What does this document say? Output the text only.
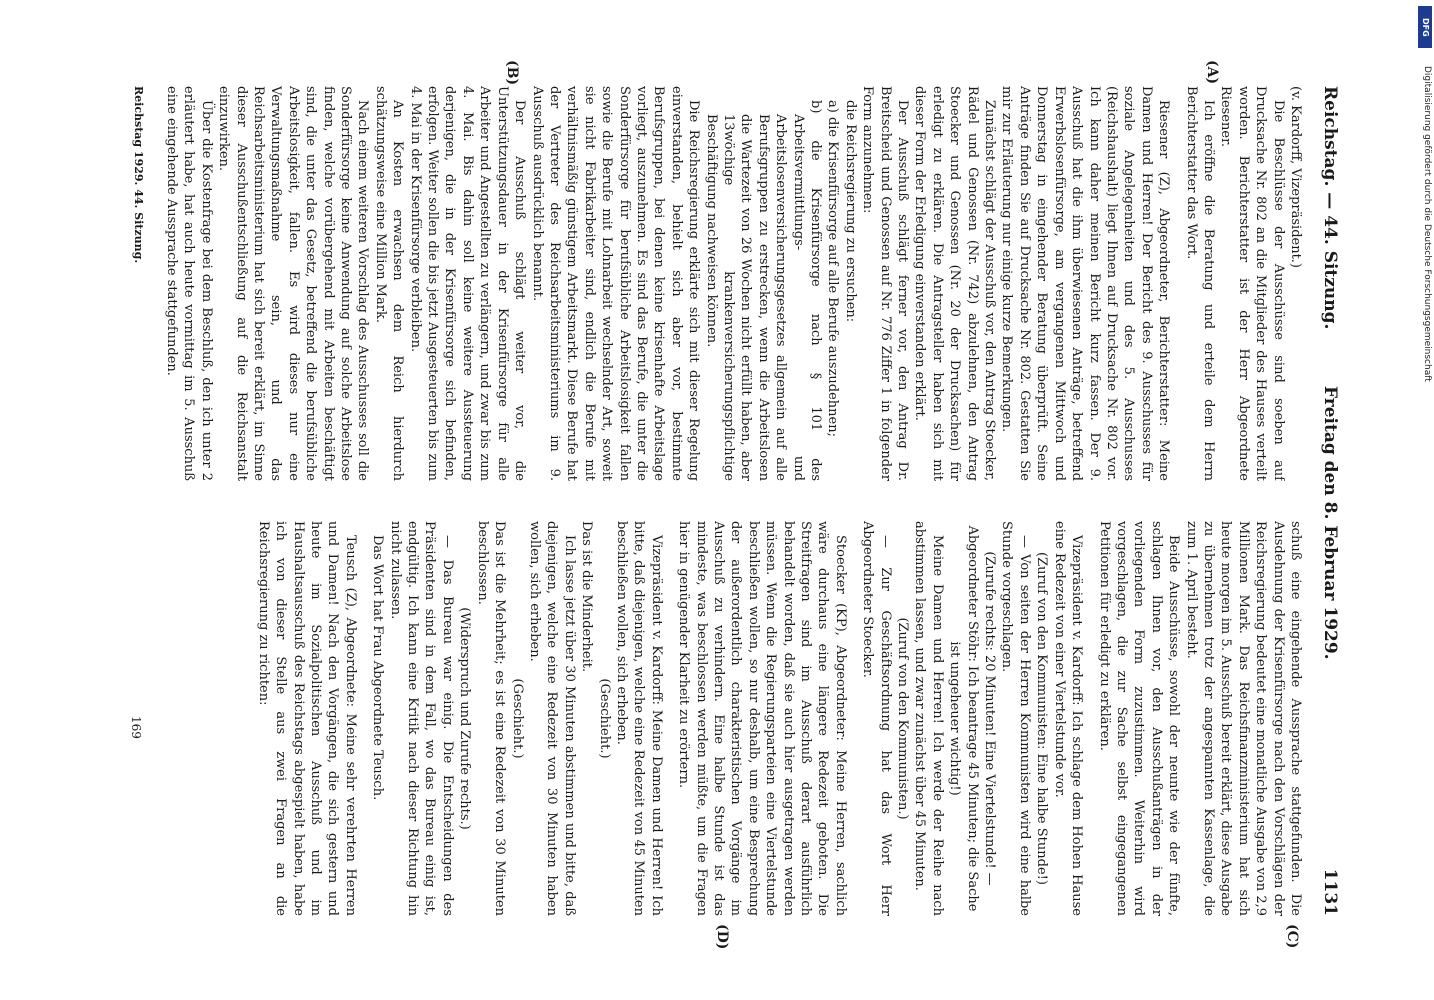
Reichstag. — 44. Sitzung.
Freitag den 8. Februar 1929.
1131
(A)
(B)
(C)
(D)

(v. Kardorff, Vizepräsident.)

Die Beschlüsse der Ausschüsse sind soeben auf Drucksache Nr. 802 an die Mitglieder des Hauses verteilt worden. Berichterstatter ist der Herr Abgeordnete Riesener.

Ich eröffne die Beratung und erteile dem Herrn Berichterstatter das Wort.

Riesener (Z), Abgeordneter, Berichterstatter: Meine Damen und Herren! Der Bericht des 9. Ausschusses für soziale Angelegenheiten und des 5. Ausschusses (Reichshaushalt) liegt Ihnen auf Drucksache Nr. 802 vor. Ich kann daher meinen Bericht kurz fassen. Der 9. Ausschuß hat die ihm überwiesenen Anträge, betreffend Erwerbslosenfürsorge, am vergangenen Mittwoch und Donnerstag in eingehender Beratung überprüft. Seine Anträge finden Sie auf Drucksache Nr. 802. Gestatten Sie mir zur Erläuterung nur einige kurze Bemerkungen.

Zunächst schlägt der Ausschuß vor, den Antrag Stoecker, Rädel und Genossen (Nr. 742) abzulehnen, den Antrag Stoecker und Genossen (Nr. 20 der Drucksachen) für erledigt zu erklären. Die Antragsteller haben sich mit dieser Form der Erledigung einverstanden erklärt.

Der Ausschuß schlägt ferner vor, den Antrag Dr. Breitscheid und Genossen auf Nr. 776 Ziffer 1 in folgender Form anzunehmen:

die Reichsregierung zu ersuchen:

a) die Krisenfürsorge auf alle Berufe auszudehnen;

b) die Krisenfürsorge nach § 101 des Arbeitsvermittlungs- und Arbeitslosenversicherungsgesetzes allgemein auf alle Berufsgruppen zu erstrecken, wenn die Arbeitslosen die Wartezeit von 26 Wochen nicht erfüllt haben, aber 13wöchige krankenversicherungspflichtige Beschäftigung nachweisen können.

Die Reichsregierung erklärte sich mit dieser Regelung einverstanden, behielt sich aber vor, bestimmte Berufsgruppen, bei denen keine krisenhafte Arbeitslage vorliegt, auszunehmen. Es sind das Berufe, die unter die Sonderfürsorge für berufsübliche Arbeitslosigkeit fallen sowie die Berufe mit Lohnarbeit wechselnder Art, soweit sie nicht Fabrikarbeiter sind, endlich die Berufe mit verhältnismäßig günstigem Arbeitsmarkt. Diese Berufe hat der Vertreter des Reichsarbeitsministeriums im 9. Ausschuß ausdrücklich benannt.

Der Ausschuß schlägt weiter vor, die Unterstützungsdauer in der Krisenfürsorge für alle Arbeiter und Angestellten zu verlängern, und zwar bis zum 4. Mai. Bis dahin soll keine weitere Aussteuerung derjenigen, die in der Krisenfürsorge sich befinden, erfolgen. Weiter sollen die bis jetzt Ausgesteuerten bis zum 4. Mai in der Krisenfürsorge verbleiben.

An Kosten erwachsen dem Reich hierdurch schätzungsweise eine Million Mark.

Nach einem weiteren Vorschlag des Ausschusses soll die Sonderfürsorge keine Anwendung auf solche Arbeitslose finden, welche vorübergehend mit Arbeiten beschäftigt sind, die unter das Gesetz, betreffend die berufsübliche Arbeitslosigkeit, fallen. Es wird dieses nur eine Verwaltungsmaßnahme sein, und das Reichsarbeitsministerium hat sich bereit erklärt, im Sinne dieser Ausschußentschließung auf die Reichsanstalt einzuwirken.

Über die Kostenfrage bei dem Beschluß, den ich unter 2 erläutert habe, hat auch heute vormittag im 5. Ausschuß eine eingehende Aussprache stattgefunden.

schuß eine eingehende Aussprache stattgefunden. Die Ausdehnung der Krisenfürsorge nach den Vorschlägen der Reichsregierung bedeutet eine monatliche Ausgabe von 2,9 Millionen Mark. Das Reichsfinanzministerium hat sich heute morgen im 5. Ausschuß bereit erklärt, diese Ausgabe zu übernehmen trotz der angespannten Kassenlage, die zum 1. April besteht.

Beide Ausschüsse, sowohl der neunte wie der fünfte, schlagen Ihnen vor, den Ausschußanträgen in der vorliegenden Form zuzustimmen. Weiterhin wird vorgeschlagen, die zur Sache selbst eingegangenen Petitionen für erledigt zu erklären.

Vizepräsident v. Kardorff: Ich schlage dem Hohen Hause eine Redezeit von einer Viertelstunde vor.

(Zuruf von den Kommunisten: Eine halbe Stunde!)

— Von seiten der Herren Kommunisten wird eine halbe Stunde vorgeschlagen.

(Zurufe rechts: 20 Minuten! Eine Viertelstunde! — Abgeordneter Stöhr: Ich beantrage 45 Minuten; die Sache ist ungeheuer wichtig!)

Meine Damen und Herren! Ich werde der Reihe nach abstimmen lassen, und zwar zunächst über 45 Minuten.

(Zuruf von den Kommunisten.)

— Zur Geschäftsordnung hat das Wort Herr Abgeordneter Stoecker.

Stoecker (KP), Abgeordneter: Meine Herren, sachlich wäre durchaus eine längere Redezeit geboten. Die Streitfragen sind im Ausschuß derart ausführlich behandelt worden, daß sie auch hier ausgetragen werden müssen. Wenn die Regierungsparteien eine Viertelstunde beschließen wollen, so nur deshalb, um eine Besprechung der außerordentlich charakteristischen Vorgänge im Ausschuß zu verhindern. Eine halbe Stunde ist das mindeste, was beschlossen werden müßte, um die Fragen hier in genügender Klarheit zu erörtern.

Vizepräsident v. Kardorff: Meine Damen und Herren! Ich bitte, daß diejenigen, welche eine Redezeit von 45 Minuten beschließen wollen, sich erheben.

(Geschieht.)

Das ist die Minderheit.

Ich lasse jetzt über 30 Minuten abstimmen und bitte, daß diejenigen, welche eine Redezeit von 30 Minuten haben wollen, sich erheben.

(Geschieht.)

Das ist die Mehrheit; es ist eine Redezeit von 30 Minuten beschlossen.

(Widerspruch und Zurufe rechts.)

— Das Bureau war einig. Die Entscheidungen des Präsidenten sind in dem Fall, wo das Bureau einig ist, endgültig. Ich kann eine Kritik nach dieser Richtung hin nicht zulassen.

Das Wort hat Frau Abgeordnete Teusch.

Teusch (Z), Abgeordnete: Meine sehr verehrten Herren und Damen! Nach den Vorgängen, die sich gestern und heute im Sozialpolitischen Ausschuß und im Haushaltsausschuß des Reichstags abgespielt haben, habe ich von dieser Stelle aus zwei Fragen an die Reichsregierung zu richten:

Reichstag 1929. 44. Sitzung.
169
DFG
Digitalisierung gefördert durch die Deutsche Forschungsgemeinschaft
